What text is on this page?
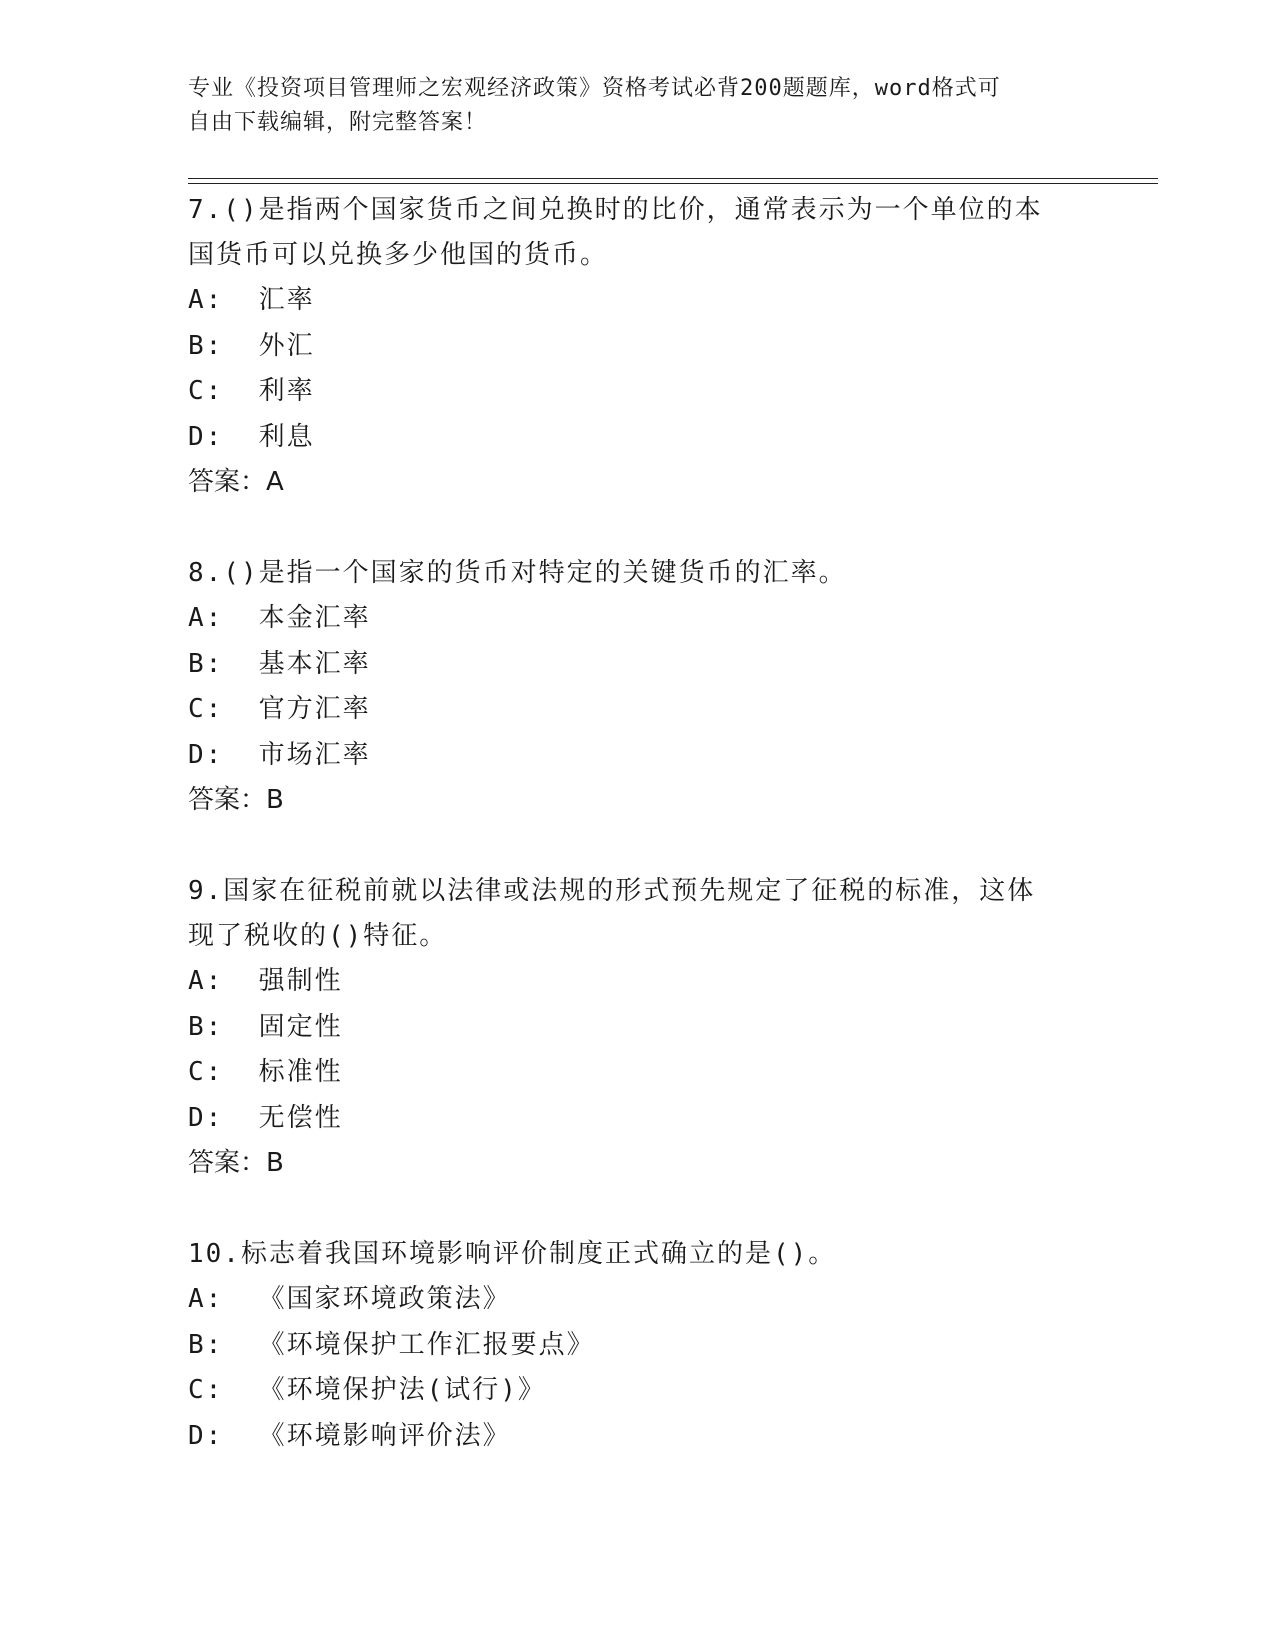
专业《投资项目管理师之宏观经济政策》资格考试必背200题题库，word格式可
自由下载编辑，附完整答案！

7.()是指两个国家货币之间兑换时的比价，通常表示为一个单位的本

国货币可以兑换多少他国的货币。

A:  汇率

B:  外汇

C:  利率

D:  利息

答案：A

8.()是指一个国家的货币对特定的关键货币的汇率。

A:  本金汇率

B:  基本汇率

C:  官方汇率

D:  市场汇率

答案：B

9.国家在征税前就以法律或法规的形式预先规定了征税的标准，这体

现了税收的()特征。

A:  强制性

B:  固定性

C:  标准性

D:  无偿性

答案：B

10.标志着我国环境影响评价制度正式确立的是()。

A:  《国家环境政策法》

B:  《环境保护工作汇报要点》

C:  《环境保护法(试行)》

D:  《环境影响评价法》
